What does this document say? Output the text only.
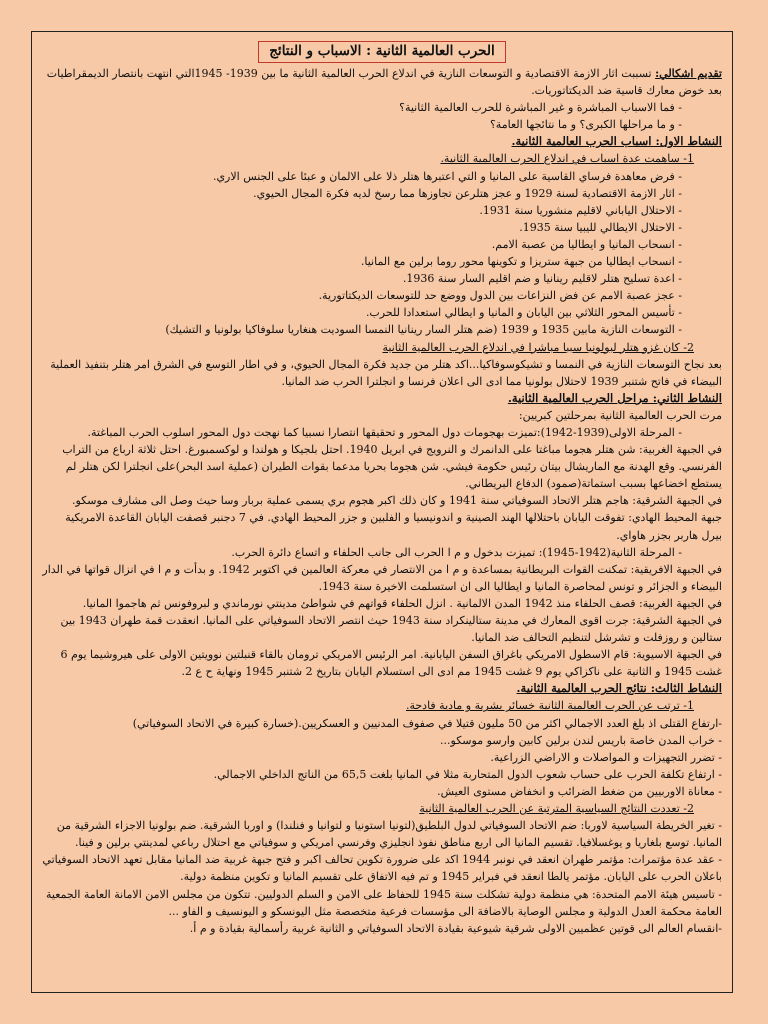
الحرب العالمية الثانية : الاسباب و النتائج

تقديم اشكالي: تسببت اثار الازمة الاقتصادية و التوسعات النازية في اندلاع الحرب العالمية الثانية ما بين 1939- 1945التي انتهت بانتصار الديمقراطيات بعد خوض معارك قاسية ضد الديكتاتوريات.

- فما الاسباب المباشرة و غير المباشرة للحرب العالمية الثانية؟

- و ما مراحلها الكبرى؟ و ما نتائجها العامة؟

النشاط الاول: اسباب الحرب العالمية الثانية.

1- ساهمت عدة اسباب في اندلاع الحرب العالمية الثانية.

- فرض معاهدة فرساي القاسية على المانيا و التي اعتبرها هتلر ذلا على الالمان و عبئا على الجنس الاري.

- اثار الازمة الاقتصادية لسنة 1929 و عجز هتلرعن تجاوزها مما رسخ لديه فكرة المجال الحيوي.

- الاحتلال الياباني لاقليم منشوريا سنة 1931.

- الاحتلال الايطالي لليبيا سنة 1935.

- انسحاب المانيا و ايطاليا من عصبة الامم.

- انسحاب ايطاليا من جبهة ستريزا و تكوينها محور روما برلين مع المانيا.

- اعدة تسليح هتلر لاقليم رينانيا و ضم اقليم السار سنة 1936.

- عجز عصبة الامم عن فض النزاعات بين الدول ووضع حد للتوسعات الديكتاتورية.

- تأسيس المحور الثلاثي بين اليابان و المانيا و ايطالي استعدادا للحرب.

- التوسعات النازية مابين 1935 و 1939 (ضم هتلر السار رينانيا النمسا السوديت هنغاريا سلوفاكيا بولونيا و التشيك)

2- كان غزو هتلر لبولونيا سببا مباشرا في اندلاع الحرب العالمية الثانية

بعد نجاح التوسعات النازية في النمسا و تشيكوسوفاكيا...اكد هتلر من جديد فكرة المجال الحيوي، و في اطار التوسع في الشرق امر هتلر بتنفيذ العملية البيضاء في فاتح شتنبر 1939 لاحتلال بولونيا مما ادى الى اعلان فرنسا و انجلترا الحرب ضد المانيا.

النشاط الثاني: مراحل الحرب العالمية الثانية.

مرت الحرب العالمية الثانية بمرحلتين كبريين:

- المرحلة الاولى(1939-1942):تميزت بهجومات دول المحور و تحقيقها انتصارا نسبيا كما نهجت دول المحور اسلوب الحرب المباغتة.

في الجبهة الغربية: شن هتلر هجوما مباغتا على الدانمرك و النرويج في ابريل 1940. احتل بلجيكا و هولندا و لوكسمبورغ. احتل ثلاثة ارباع من التراب الفرنسي. وقع الهدنة مع الماريشال بيتان رئيس حكومة فيشي. شن هجوما بحريا مدعما بقوات الطيران (عملية اسد البحر)على انجلترا لكن هتلر لم يستطع اخضاعها بسبب استماتة(صمود) الدفاع البريطاني.

في الجبهة الشرقية: هاجم هتلر الاتحاد السوفياتي سنة 1941 و كان ذلك اكبر هجوم بري يسمى عملية بربار وسا حيث وصل الى مشارف موسكو.

جبهة المحيط الهادي: تفوقت اليابان باحتلالها الهند الصينية و اندونيسيا و الفلبين و جزر المحيط الهادي. في 7 دجنبر قصفت اليابان القاعدة الامريكية بيرل هاربر بجزر هاواي.

- المرحلة الثانية(1942-1945): تميزت بدخول و م ا الحرب الى جانب الحلفاء و اتساع دائرة الحرب.

في الجبهة الافريقية: تمكنت القوات البريطانية بمساعدة و م ا من الانتصار في معركة العالمين في اكتوبر 1942. و بدأت و م ا في انزال قواتها في الدار البيضاء و الجزائر و تونس لمحاصرة المانيا و ايطاليا الى ان استسلمت الاخيرة سنة 1943.

في الجبهة الغربية: قصف الحلفاء منذ 1942 المدن الالمانية . انزل الحلفاء قواتهم في شواطئ مدينتي نورماندي و لبروفونس ثم هاجموا المانيا.

في الجبهة الشرقية: جرت اقوى المعارك في مدينة ستالينكراد سنة 1943 حيث انتصر الاتحاد السوفياتي على المانيا. انعقدت قمة طهران 1943 بين ستالين و روزفلت و تشرشل لتنظيم التحالف ضد المانيا.

في الجبهة الاسيوية: قام الاسطول الامريكي باغراق السفن اليابانية. امر الرئيس الامريكي ترومان بالقاء قنبلتين نوويتين الاولى على هيروشيما يوم 6 غشت 1945 و الثانية على ناكزاكي يوم 9 غشت 1945 مم ادى الى استسلام اليابان بتاريخ 2 شتنبر 1945 ونهاية ح ع 2.

النشاط الثالث: نتائج الحرب العالمية الثانية.

1- ترتب عن الحرب العالمية الثانية خسائر بشرية و مادية فادحة.

-ارتفاع القتلى اذ بلغ العدد الاجمالي اكثر من 50 مليون قتيلا في صفوف المدنيين و العسكريين.(خسارة كبيرة في الاتحاد السوفياتي)

- خراب المدن خاصة باريس لندن برلين كابين وارسو موسكو...

- تضرر التجهيزات و المواصلات و الاراضي الزراعية.

- ارتفاع تكلفة الحرب على حساب شعوب الدول المتحاربة مثلا في المانيا بلغت 65,5 من الناتج الداخلي الاجمالي.

- معاناة الاوربيين من ضغط الضرائب و انخفاض مستوى العيش.

2- تعددت النتائج السياسية المترتبة عن الحرب العالمية الثانية

- تغير الخريطة السياسية لاوربا: ضم الاتحاد السوفياتي لدول البلطيق(لتونيا استونيا و لتوانيا و فنلندا) و اوربا الشرقية. ضم بولونيا الاجزاء الشرقية من المانيا. توسع بلغاريا و يوغسلافيا. تقسيم المانيا الى اربع مناطق نفوذ انجليزي وفرنسي امريكي و سوفياتي مع احتلال رباعي لمدينتي برلين و فينا.

- عقد عدة مؤتمرات: مؤتمر طهران انعقد في نونبر 1944 اكد على ضرورة تكوين تحالف اكبر و فتح جبهة غربية ضد المانيا مقابل تعهد الاتحاد السوفياتي باعلان الحرب على اليابان. مؤتمر يالطا انعقد في فبراير 1945 و تم فيه الاتفاق على تقسيم المانيا و تكوين منظمة دولية.

- تاسيس هيئة الامم المتحدة: هي منظمة دولية تشكلت سنة 1945 للحفاظ على الامن و السلم الدوليين. تتكون من مجلس الامن الامانة العامة الجمعية العامة محكمة العدل الدولية و مجلس الوصاية بالاضافة الى مؤسسات فرعية متخصصة مثل اليونسكو و اليونسيف و الفاو ...

-انقسام العالم الى قوتين عظميين الاولى شرقية شيوعية بقيادة الاتحاد السوفياتي و الثانية غربية رأسمالية بقيادة و م أ.
